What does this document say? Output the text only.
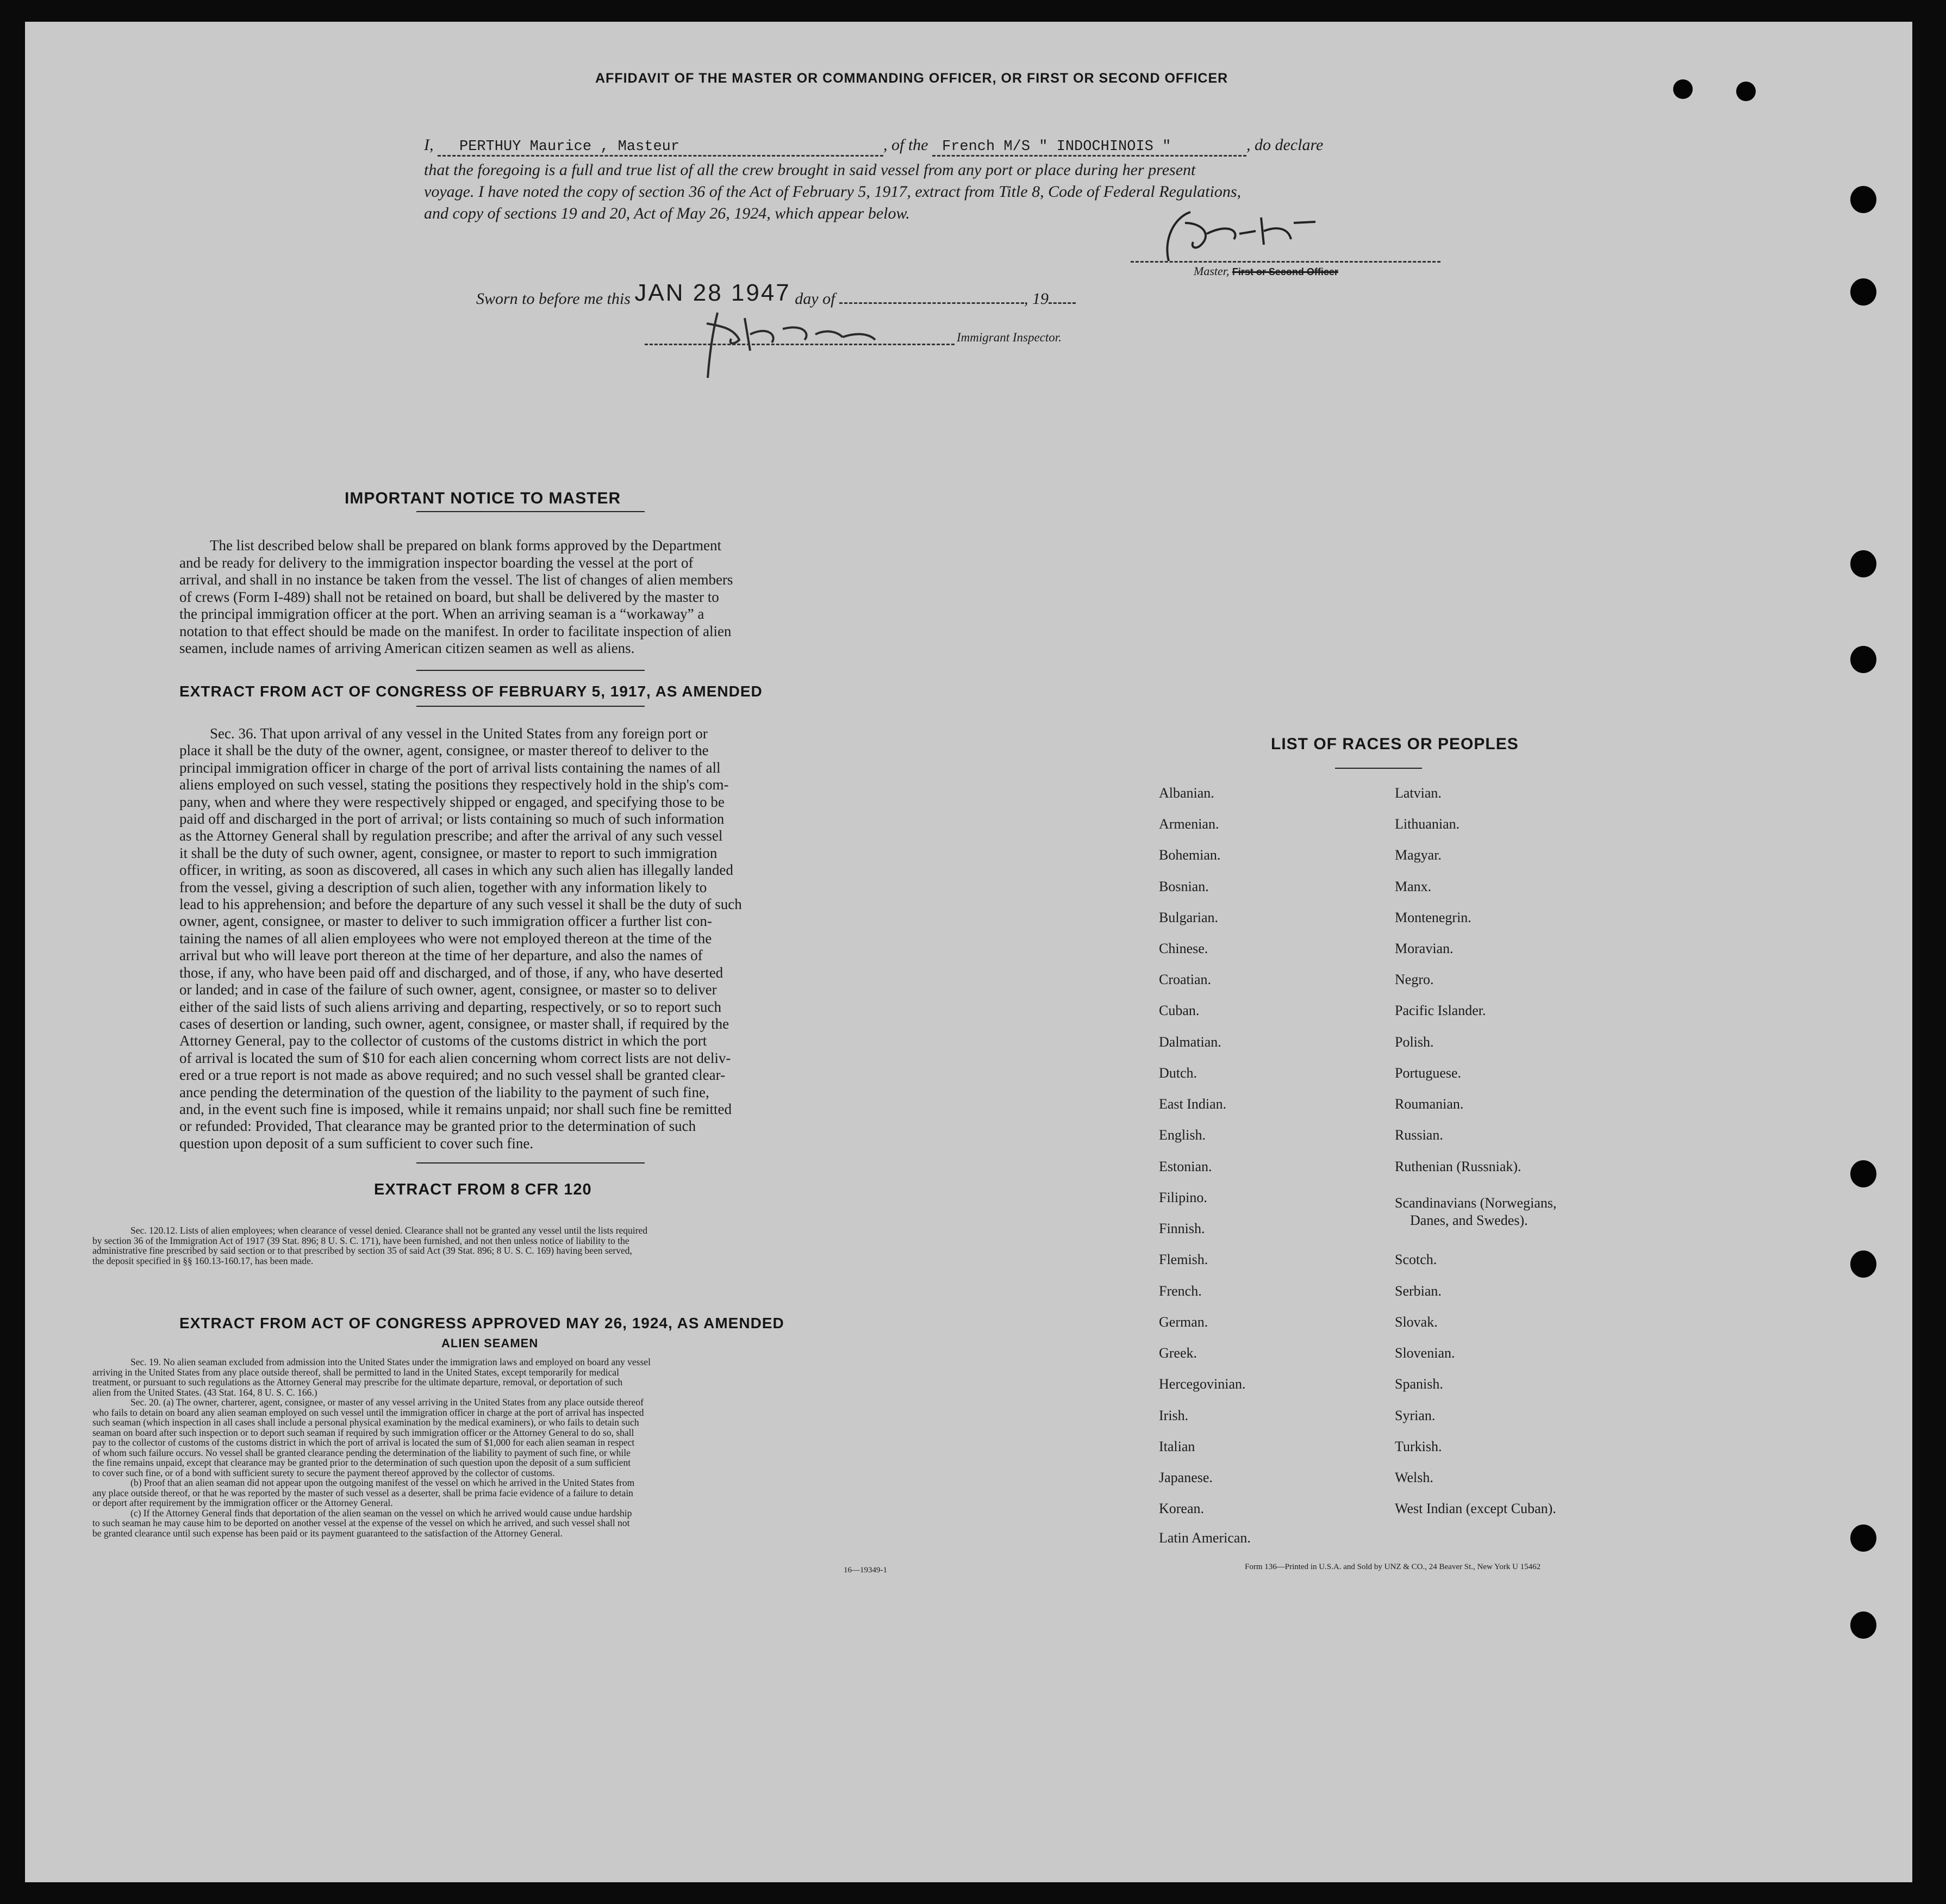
AFFIDAVIT OF THE MASTER OR COMMANDING OFFICER, OR FIRST OR SECOND OFFICER
I, PERTHUY Maurice , Masteur	, of the French M/S " INDOCHINOIS "	, do declare
that the foregoing is a full and true list of all the crew brought in said vessel from any port or place during her present
voyage. I have noted the copy of section 36 of the Act of February 5, 1917, extract from Title 8, Code of Federal Regulations,
and copy of sections 19 and 20, Act of May 26, 1924, which appear below.
Master, First or Second Officer
Sworn to before me this JAN 28 1947 day of	, 19
Immigrant Inspector.
IMPORTANT NOTICE TO MASTER
The list described below shall be prepared on blank forms approved by the Department
and be ready for delivery to the immigration inspector boarding the vessel at the port of
arrival, and shall in no instance be taken from the vessel. The list of changes of alien members
of crews (Form I-489) shall not be retained on board, but shall be delivered by the master to
the principal immigration officer at the port. When an arriving seaman is a “workaway” a
notation to that effect should be made on the manifest. In order to facilitate inspection of alien
seamen, include names of arriving American citizen seamen as well as aliens.
EXTRACT FROM ACT OF CONGRESS OF FEBRUARY 5, 1917, AS AMENDED
Sec. 36. That upon arrival of any vessel in the United States from any foreign port or
place it shall be the duty of the owner, agent, consignee, or master thereof to deliver to the
principal immigration officer in charge of the port of arrival lists containing the names of all
aliens employed on such vessel, stating the positions they respectively hold in the ship's com-
pany, when and where they were respectively shipped or engaged, and specifying those to be
paid off and discharged in the port of arrival; or lists containing so much of such information
as the Attorney General shall by regulation prescribe; and after the arrival of any such vessel
it shall be the duty of such owner, agent, consignee, or master to report to such immigration
officer, in writing, as soon as discovered, all cases in which any such alien has illegally landed
from the vessel, giving a description of such alien, together with any information likely to
lead to his apprehension; and before the departure of any such vessel it shall be the duty of such
owner, agent, consignee, or master to deliver to such immigration officer a further list con-
taining the names of all alien employees who were not employed thereon at the time of the
arrival but who will leave port thereon at the time of her departure, and also the names of
those, if any, who have been paid off and discharged, and of those, if any, who have deserted
or landed; and in case of the failure of such owner, agent, consignee, or master so to deliver
either of the said lists of such aliens arriving and departing, respectively, or so to report such
cases of desertion or landing, such owner, agent, consignee, or master shall, if required by the
Attorney General, pay to the collector of customs of the customs district in which the port
of arrival is located the sum of $10 for each alien concerning whom correct lists are not deliv-
ered or a true report is not made as above required; and no such vessel shall be granted clear-
ance pending the determination of the question of the liability to the payment of such fine,
and, in the event such fine is imposed, while it remains unpaid; nor shall such fine be remitted
or refunded: Provided, That clearance may be granted prior to the determination of such
question upon deposit of a sum sufficient to cover such fine.
EXTRACT FROM 8 CFR 120
Sec. 120.12. Lists of alien employees; when clearance of vessel denied. Clearance shall not be granted any vessel until the lists required
by section 36 of the Immigration Act of 1917 (39 Stat. 896; 8 U. S. C. 171), have been furnished, and not then unless notice of liability to the
administrative fine prescribed by said section or to that prescribed by section 35 of said Act (39 Stat. 896; 8 U. S. C. 169) having been served,
the deposit specified in §§ 160.13-160.17, has been made.
EXTRACT FROM ACT OF CONGRESS APPROVED MAY 26, 1924, AS AMENDED
ALIEN SEAMEN
Sec. 19. No alien seaman excluded from admission into the United States under the immigration laws and employed on board any vessel
arriving in the United States from any place outside thereof, shall be permitted to land in the United States, except temporarily for medical
treatment, or pursuant to such regulations as the Attorney General may prescribe for the ultimate departure, removal, or deportation of such
alien from the United States. (43 Stat. 164, 8 U. S. C. 166.)
Sec. 20. (a) The owner, charterer, agent, consignee, or master of any vessel arriving in the United States from any place outside thereof
who fails to detain on board any alien seaman employed on such vessel until the immigration officer in charge at the port of arrival has inspected
such seaman (which inspection in all cases shall include a personal physical examination by the medical examiners), or who fails to detain such
seaman on board after such inspection or to deport such seaman if required by such immigration officer or the Attorney General to do so, shall
pay to the collector of customs of the customs district in which the port of arrival is located the sum of $1,000 for each alien seaman in respect
of whom such failure occurs. No vessel shall be granted clearance pending the determination of the liability to payment of such fine, or while
the fine remains unpaid, except that clearance may be granted prior to the determination of such question upon the deposit of a sum sufficient
to cover such fine, or of a bond with sufficient surety to secure the payment thereof approved by the collector of customs.
(b) Proof that an alien seaman did not appear upon the outgoing manifest of the vessel on which he arrived in the United States from
any place outside thereof, or that he was reported by the master of such vessel as a deserter, shall be prima facie evidence of a failure to detain
or deport after requirement by the immigration officer or the Attorney General.
(c) If the Attorney General finds that deportation of the alien seaman on the vessel on which he arrived would cause undue hardship
to such seaman he may cause him to be deported on another vessel at the expense of the vessel on which he arrived, and such vessel shall not
be granted clearance until such expense has been paid or its payment guaranteed to the satisfaction of the Attorney General.
16—19349-1
LIST OF RACES OR PEOPLES
Albanian.
Armenian.
Bohemian.
Bosnian.
Bulgarian.
Chinese.
Croatian.
Cuban.
Dalmatian.
Dutch.
East Indian.
English.
Estonian.
Filipino.
Finnish.
Flemish.
French.
German.
Greek.
Hercegovinian.
Irish.
Italian
Japanese.
Korean.
Latin American.
Latvian.
Lithuanian.
Magyar.
Manx.
Montenegrin.
Moravian.
Negro.
Pacific Islander.
Polish.
Portuguese.
Roumanian.
Russian.
Ruthenian (Russniak).
Scandinavians (Norwegians,
Danes, and Swedes).
Scotch.
Serbian.
Slovak.
Slovenian.
Spanish.
Syrian.
Turkish.
Welsh.
West Indian (except Cuban).
Form 136—Printed in U.S.A. and Sold by UNZ & CO., 24 Beaver St., New York U 15462
